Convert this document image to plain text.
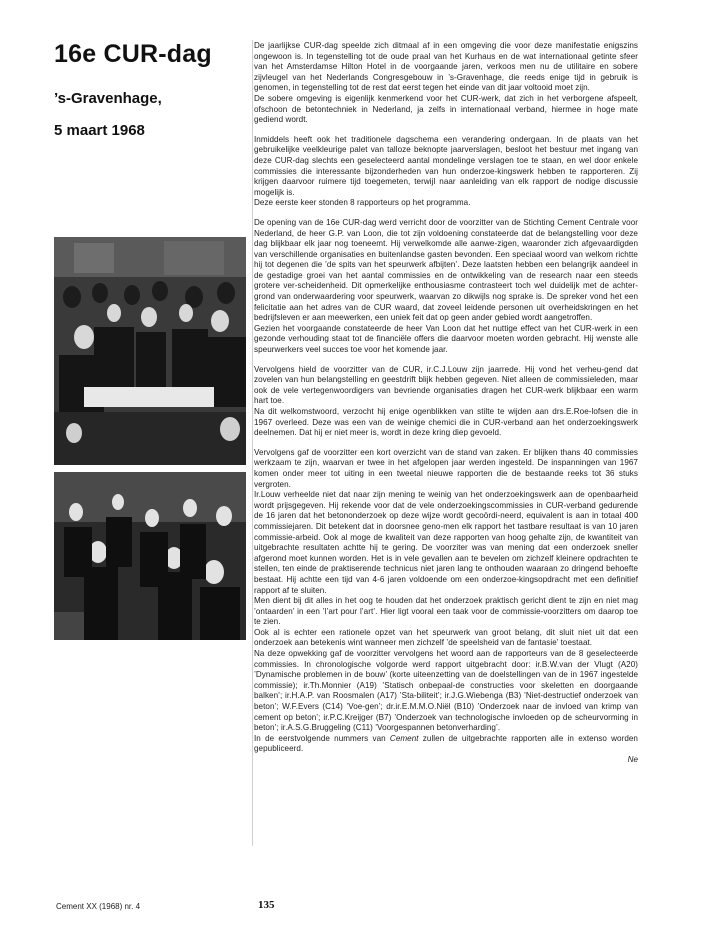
16e CUR-dag

’s-Gravenhage,

5 maart 1968

De jaarlijkse CUR-dag speelde zich ditmaal af in een omgeving die voor deze manifestatie enigszins ongewoon is. In tegenstelling tot de oude praal van het Kurhaus en de wat internationaal getinte sfeer van het Amsterdamse Hilton Hotel in de voorgaande jaren, verkoos men nu de utilitaire en sobere zijvleugel van het Nederlands Congresgebouw in ’s-Gravenhage, die reeds enige tijd in gebruik is genomen, in tegenstelling tot de rest dat eerst tegen het einde van dit jaar voltooid moet zijn.

De sobere omgeving is eigenlijk kenmerkend voor het CUR-werk, dat zich in het verborgene afspeelt, ofschoon de betontechniek in Nederland, ja zelfs in internationaal verband, hiermee in hoge mate gediend wordt.

Inmiddels heeft ook het traditionele dagschema een verandering ondergaan. In de plaats van het gebruikelijke veelkleurige palet van talloze beknopte jaarverslagen, besloot het bestuur met ingang van deze CUR-dag slechts een geselecteerd aantal mondelinge verslagen toe te staan, en wel door enkele commissies die interessante bijzonderheden van hun onderzoe-kingswerk hebben te rapporteren. Zij krijgen daarvoor ruimere tijd toegemeten, terwijl naar aanleiding van elk rapport de nodige discussie mogelijk is.

Deze eerste keer stonden 8 rapporteurs op het programma.

De opening van de 16e CUR-dag werd verricht door de voorzitter van de Stichting Cement Centrale voor Nederland, de heer G.P. van Loon, die tot zijn voldoening constateerde dat de belangstelling voor deze dag blijkbaar elk jaar nog toeneemt. Hij verwelkomde alle aanwe-zigen, waaronder zich afgevaardigden van verschillende organisaties en buitenlandse gasten bevonden. Een speciaal woord van welkom richtte hij tot degenen die ’de spits van het speurwerk afbijten’. Deze laatsten hebben een belangrijk aandeel in de gestadige groei van het aantal commissies en de ontwikkeling van de research naar een steeds grotere ver-scheidenheid. Dit opmerkelijke enthousiasme contrasteert toch wel duidelijk met de achter-grond van onderwaardering voor speurwerk, waarvan zo dikwijls nog sprake is. De spreker vond het een felicitatie aan het adres van de CUR waard, dat zoveel leidende personen uit overheidskringen en het bedrijfsleven er aan meewerken, een uniek feit dat op geen ander gebied wordt aangetroffen.

Gezien het voorgaande constateerde de heer Van Loon dat het nuttige effect van het CUR-werk in een gezonde verhouding staat tot de financiële offers die daarvoor moeten worden gebracht. Hij wenste alle speurwerkers veel succes toe voor het komende jaar.

Vervolgens hield de voorzitter van de CUR, ir.C.J.Louw zijn jaarrede. Hij vond het verheu-gend dat zovelen van hun belangstelling en geestdrift blijk hebben gegeven. Niet alleen de commissieleden, maar ook de vele vertegenwoordigers van bevriende organisaties dragen het CUR-werk blijkbaar een warm hart toe.

Na dit welkomstwoord, verzocht hij enige ogenblikken van stilte te wijden aan drs.E.Roe-lofsen die in 1967 overleed. Deze was een van de weinige chemici die in CUR-verband aan het onderzoekingswerk deelnemen. Dat hij er niet meer is, wordt in deze kring diep gevoeld.

Vervolgens gaf de voorzitter een kort overzicht van de stand van zaken. Er blijken thans 40 commissies werkzaam te zijn, waarvan er twee in het afgelopen jaar werden ingesteld. De inspanningen van 1967 komen onder meer tot uiting in een tweetal nieuwe rapporten die de bestaande reeks tot 36 stuks vergroten.

Ir.Louw verheelde niet dat naar zijn mening te weinig van het onderzoekingswerk aan de openbaarheid wordt prijsgegeven. Hij rekende voor dat de vele onderzoekingscommissies in CUR-verband gedurende de 16 jaren dat het betononderzoek op deze wijze wordt gecoördi-neerd, equivalent is aan in totaal 400 commissiejaren. Dit betekent dat in doorsnee geno-men elk rapport het tastbare resultaat is van 10 jaren commissie-arbeid. Ook al moge de kwaliteit van deze rapporten van hoog gehalte zijn, de kwantiteit van uitgebrachte resultaten achtte hij te gering. De voorziter was van mening dat een onderzoek sneller afgerond moet kunnen worden. Het is in vele gevallen aan te bevelen om zichzelf kleinere opdrachten te stellen, ten einde de praktiserende technicus niet jaren lang te onthouden waaraan zo dringend behoefte bestaat. Hij achtte een tijd van 4-6 jaren voldoende om een onderzoe-kingsopdracht met een definitief rapport af te sluiten.

Men dient bij dit alles in het oog te houden dat het onderzoek praktisch gericht dient te zijn en niet mag ’ontaarden’ in een ’l’art pour l’art’. Hier ligt vooral een taak voor de commissie-voorzitters om daarop toe te zien.

Ook al is echter een rationele opzet van het speurwerk van groot belang, dit sluit niet uit dat een onderzoek aan betekenis wint wanneer men zichzelf ’de speelsheid van de fantasie’ toestaat.

Na deze opwekking gaf de voorzitter vervolgens het woord aan de rapporteurs van de 8 geselecteerde commissies. In chronologische volgorde werd rapport uitgebracht door: ir.B.W.van der Vlugt (A20) ’Dynamische problemen in de bouw’ (korte uiteenzetting van de doelstellingen van de in 1967 ingestelde commissie); ir.Th.Monnier (A19) ’Statisch onbepaal-de constructies voor skeletten en doorgaande balken’; ir.H.A.P. van Roosmalen (A17) ’Sta-biliteit’; ir.J.G.Wiebenga (B3) ’Niet-destructief onderzoek van beton’; W.F.Evers (C14) ’Voe-gen’; dr.ir.E.M.M.O.Niël (B10) ’Onderzoek naar de invloed van krimp van cement op beton’; ir.P.C.Kreijger (B7) ’Onderzoek van technologische invloeden op de scheurvorming in beton’; ir.A.S.G.Bruggeling (C11) ’Voorgespannen betonverharding’.

In de eerstvolgende nummers van Cement zullen de uitgebrachte rapporten alle in extenso worden gepubliceerd.

Ne
Cement XX (1968) nr. 4	135
